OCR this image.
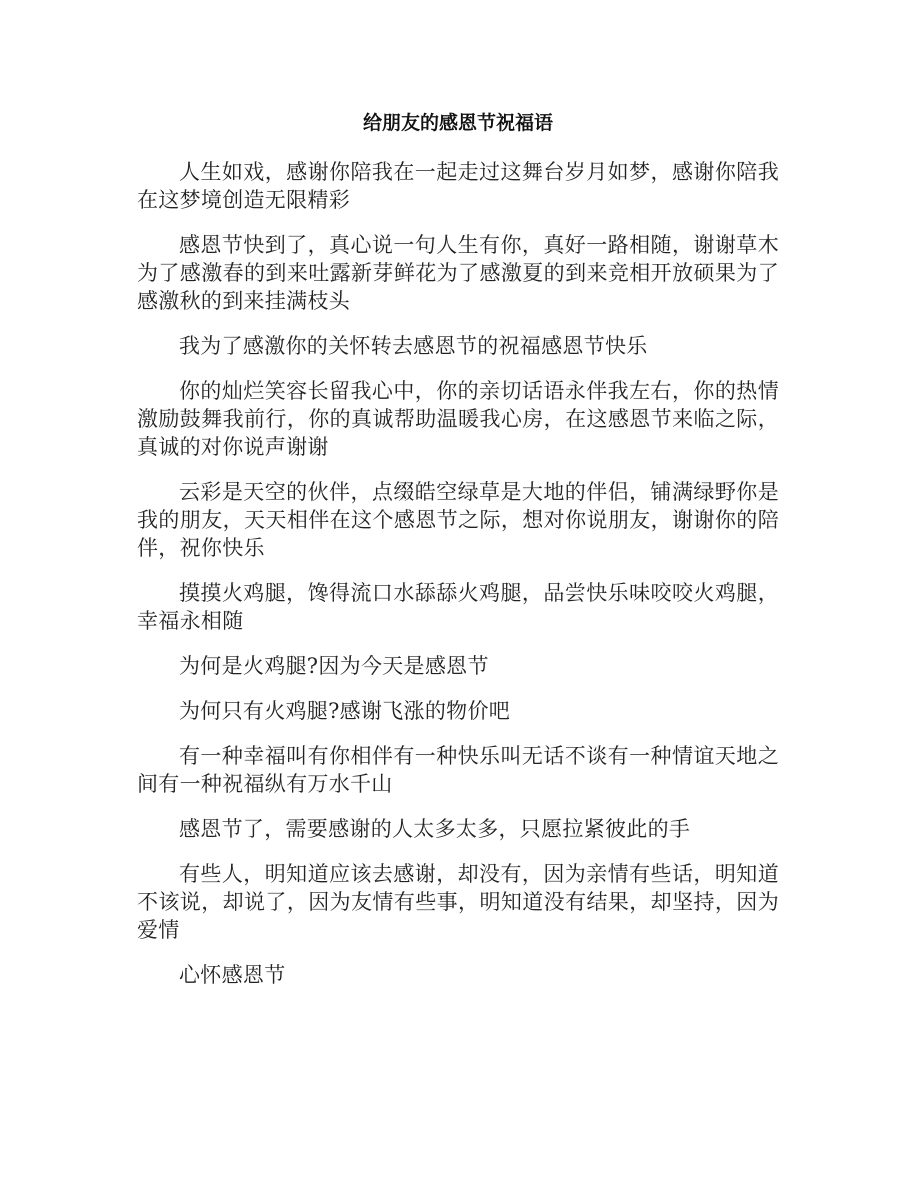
给朋友的感恩节祝福语

人生如戏，感谢你陪我在一起走过这舞台岁月如梦，感谢你陪我在这梦境创造无限精彩

感恩节快到了，真心说一句人生有你，真好一路相随，谢谢草木为了感激春的到来吐露新芽鲜花为了感激夏的到来竞相开放硕果为了感激秋的到来挂满枝头

我为了感激你的关怀转去感恩节的祝福感恩节快乐

你的灿烂笑容长留我心中，你的亲切话语永伴我左右，你的热情激励鼓舞我前行，你的真诚帮助温暖我心房，在这感恩节来临之际，真诚的对你说声谢谢

云彩是天空的伙伴，点缀皓空绿草是大地的伴侣，铺满绿野你是我的朋友，天天相伴在这个感恩节之际，想对你说朋友，谢谢你的陪伴，祝你快乐

摸摸火鸡腿，馋得流口水舔舔火鸡腿，品尝快乐味咬咬火鸡腿，幸福永相随

为何是火鸡腿?因为今天是感恩节

为何只有火鸡腿?感谢飞涨的物价吧

有一种幸福叫有你相伴有一种快乐叫无话不谈有一种情谊天地之间有一种祝福纵有万水千山

感恩节了，需要感谢的人太多太多，只愿拉紧彼此的手

有些人，明知道应该去感谢，却没有，因为亲情有些话，明知道不该说，却说了，因为友情有些事，明知道没有结果，却坚持，因为爱情

心怀感恩节
